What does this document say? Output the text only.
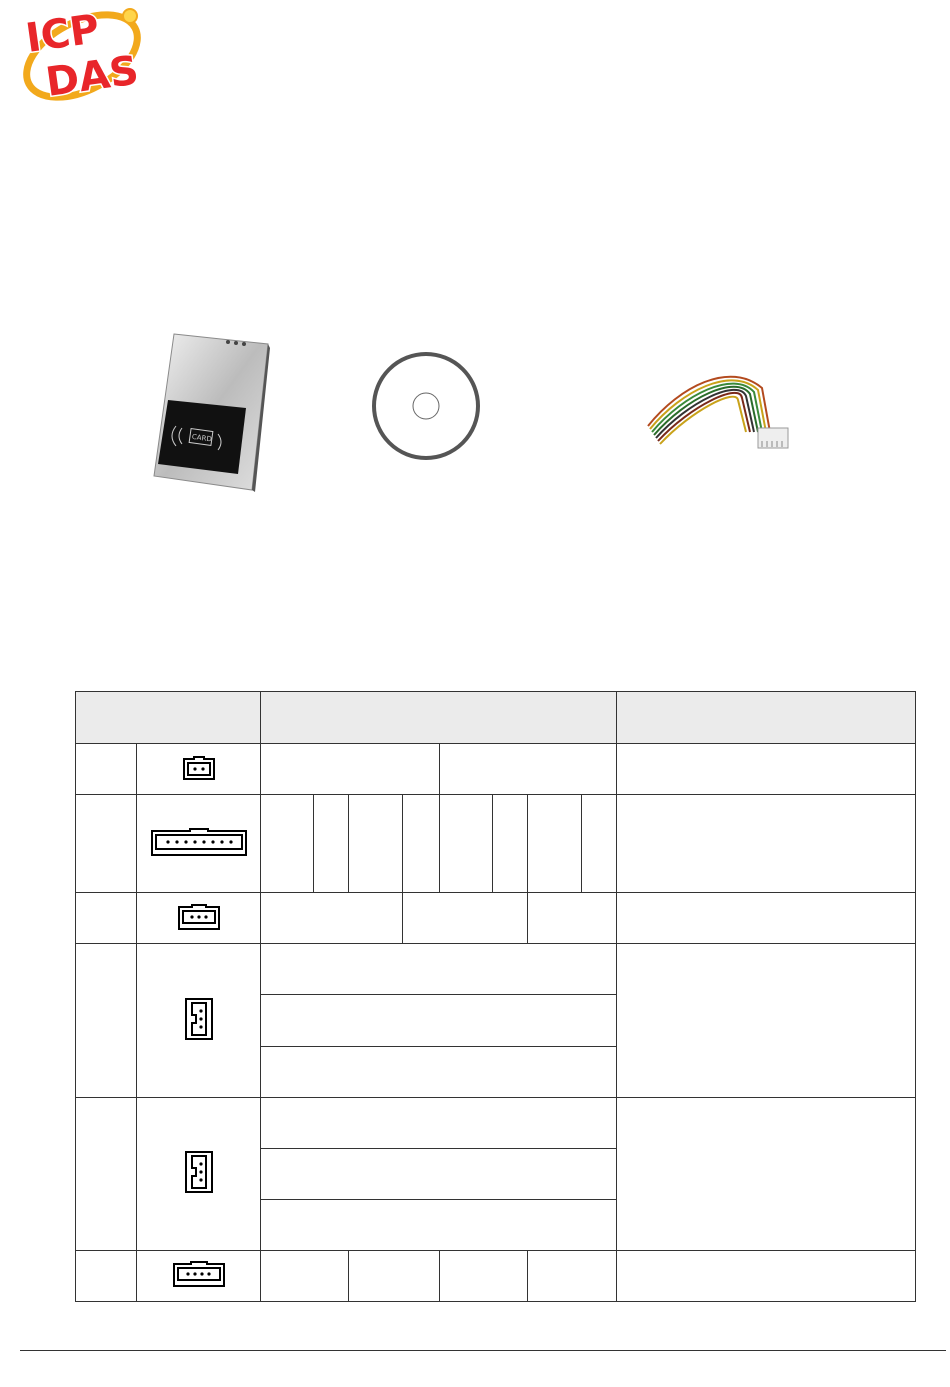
ICP
DAS
CARD
